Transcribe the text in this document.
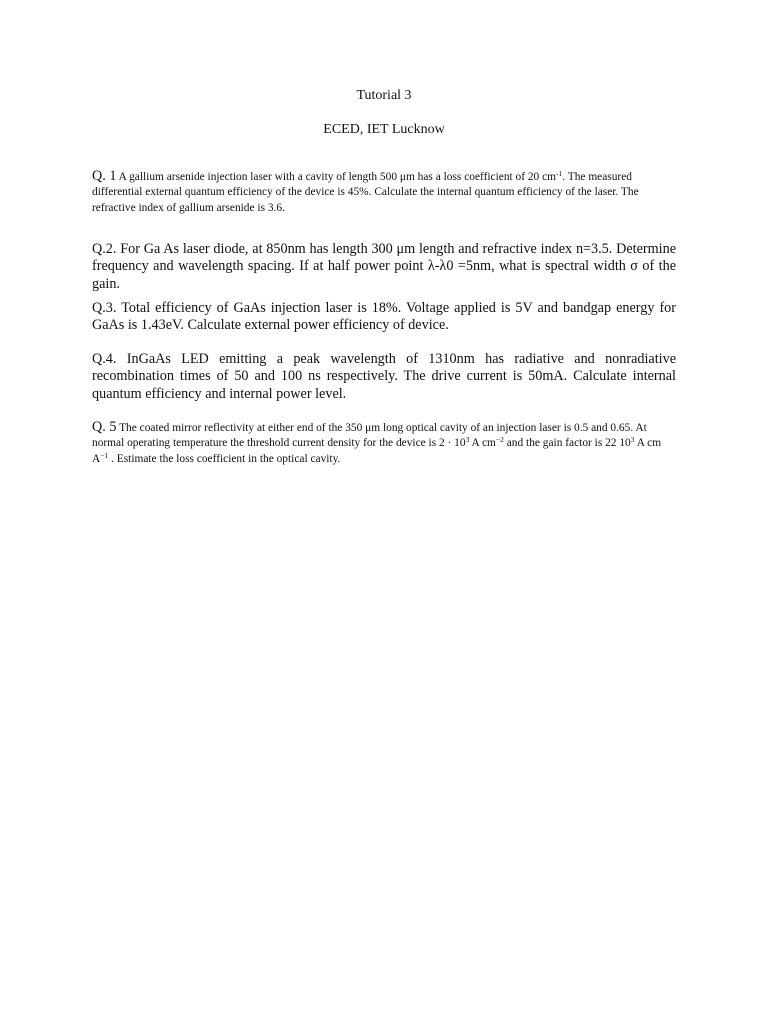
Tutorial 3
ECED, IET Lucknow

Q. 1 A gallium arsenide injection laser with a cavity of length 500 μm has a loss coefficient of 20 $cm^{-1}$. The measured differential external quantum efficiency of the device is 45%. Calculate the internal quantum efficiency of the laser. The refractive index of gallium arsenide is 3.6.

Q.2. For Ga As laser diode, at 850nm has length 300 μm length and refractive index n=3.5. Determine frequency and wavelength spacing. If at half power point λ-λ0 =5nm, what is spectral width σ of the gain.

Q.3. Total efficiency of GaAs injection laser is 18%. Voltage applied is 5V and bandgap energy for GaAs is 1.43eV. Calculate external power efficiency of device.

Q.4. InGaAs LED emitting a peak wavelength of 1310nm has radiative and nonradiative recombination times of 50 and 100 ns respectively. The drive current is 50mA. Calculate internal quantum efficiency and internal power level.

Q. 5 The coated mirror reflectivity at either end of the 350 μm long optical cavity of an injection laser is 0.5 and 0.65. At normal operating temperature the threshold current density for the device is $2 \cdot 10^3$ A $cm^{-2}$ and the gain factor is 22 $10^3$ A cm $A^{-1}$ . Estimate the loss coefficient in the optical cavity.
